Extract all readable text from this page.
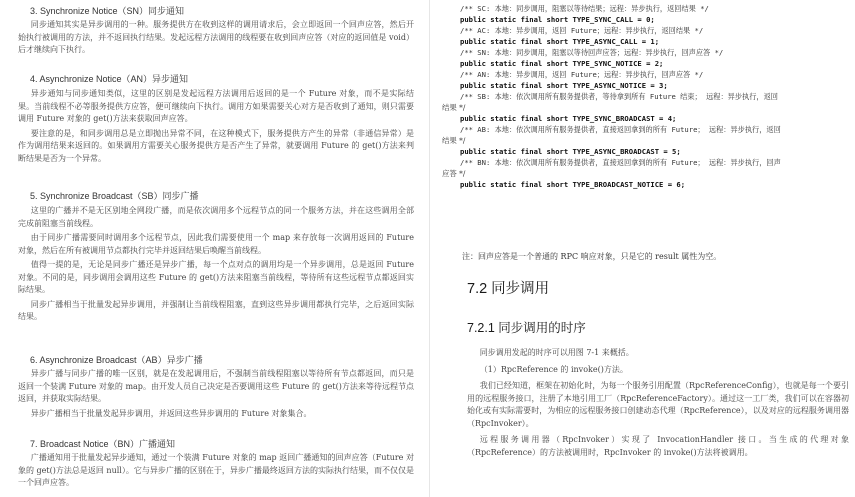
3. Synchronize Notice（SN）同步通知

同步通知其实是异步调用的一种。服务提供方在收到这样的调用请求后，会立即返回一个回声应答，然后开始执行被调用的方法，并不返回执行结果。发起远程方法调用的线程要在收到回声应答（对应的返回值是 void）后才继续向下执行。

4. Asynchronize Notice（AN）异步通知

异步通知与同步通知类似，这里的区别是发起远程方法调用后返回的是一个 Future 对象，而不是实际结果。当前线程不必等服务提供方应答，便可继续向下执行。调用方如果需要关心对方是否收到了通知，则只需要调用 Future 对象的 get()方法来获取回声应答。

要注意的是，和同步调用总是立即抛出异常不同，在这种模式下，服务提供方产生的异常（非通信异常）是作为调用结果来返回的。如果调用方需要关心服务提供方是否产生了异常，就要调用 Future 的 get()方法来判断结果是否为一个异常。

5. Synchronize Broadcast（SB）同步广播

这里的广播并不是无区别地全网段广播，而是依次调用多个远程节点的同一个服务方法，并在这些调用全部完成前阻塞当前线程。

由于同步广播需要同时调用多个远程节点，因此我们需要使用一个 map 来存放每一次调用返回的 Future 对象，然后在所有被调用节点都执行完毕并返回结果后唤醒当前线程。

值得一提的是，无论是同步广播还是异步广播，每一个点对点的调用均是一个异步调用，总是返回 Future 对象。不同的是，同步调用会调用这些 Future 的 get()方法来阻塞当前线程，等待所有这些远程节点都返回实际结果。

同步广播相当于批量发起异步调用，并强制让当前线程阻塞，直到这些异步调用都执行完毕，之后返回实际结果。

6. Asynchronize Broadcast（AB）异步广播

异步广播与同步广播的唯一区别，就是在发起调用后，不强制当前线程阻塞以等待所有节点都返回，而只是返回一个装满 Future 对象的 map。由开发人员自己决定是否要调用这些 Future 的 get()方法来等待远程节点返回，并获取实际结果。

异步广播相当于批量发起异步调用，并返回这些异步调用的 Future 对象集合。

7. Broadcast Notice（BN）广播通知

广播通知用于批量发起异步通知，通过一个装满 Future 对象的 map 返回广播通知的回声应答（Future 对象的 get()方法总是返回 null）。它与异步广播的区别在于，异步广播最终返回方法的实际执行结果，而不仅仅是一个回声应答。

/** SC: 本地：同步调用，阻塞以等待结果；远程：异步执行，返回结果 */
public static final short TYPE_SYNC_CALL = 0;
/** AC: 本地：异步调用，返回 Future；远程：异步执行，返回结果 */
public static final short TYPE_ASYNC_CALL = 1;
/** SN: 本地：同步调用，阻塞以等待回声应答；远程：异步执行，回声应答 */
public static final short TYPE_SYNC_NOTICE = 2;
/** AN: 本地：异步调用，返回 Future；远程：异步执行，回声应答 */
public static final short TYPE_ASYNC_NOTICE = 3;
/** SB: 本地：依次调用所有服务提供者，等待拿到所有 Future 结束； 远程：异步执行，返回
结果 */
public static final short TYPE_SYNC_BROADCAST = 4;
/** AB: 本地：依次调用所有服务提供者，直接返回拿到的所有 Future； 远程：异步执行，返回
结果 */
public static final short TYPE_ASYNC_BROADCAST = 5;
/** BN: 本地：依次调用所有服务提供者，直接返回拿到的所有 Future； 远程：异步执行，回声
应答 */
public static final short TYPE_BROADCAST_NOTICE = 6;
注：回声应答是一个普通的 RPC 响应对象，只是它的 result 属性为空。
7.2 同步调用
7.2.1 同步调用的时序

同步调用发起的时序可以用图 7-1 来概括。

（1）RpcReference 的 invoke()方法。

我们已经知道，框架在初始化时，为每一个服务引用配置（RpcReferenceConfig），也就是每一个要引用的远程服务接口，注册了本地引用工厂（RpcReferenceFactory）。通过这一工厂类，我们可以在容器初始化或有实际需要时，为相应的远程服务接口创建动态代理（RpcReference），以及对应的远程服务调用器（RpcInvoker）。

远程服务调用器（RpcInvoker）实现了 InvocationHandler 接口。当生成的代理对象（RpcReference）的方法被调用时，RpcInvoker 的 invoke()方法将被调用。
